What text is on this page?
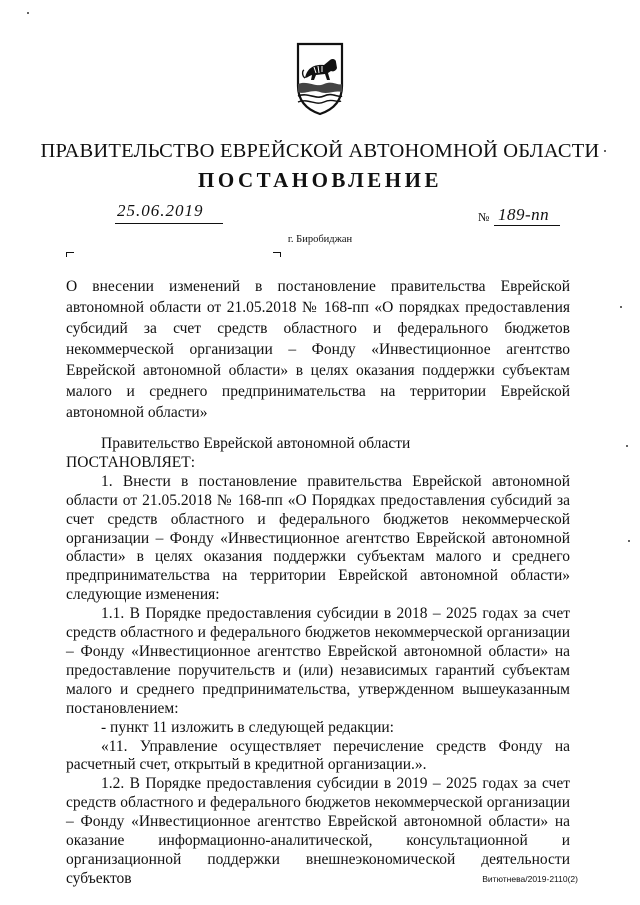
ПРАВИТЕЛЬСТВО ЕВРЕЙСКОЙ АВТОНОМНОЙ ОБЛАСТИ
ПОСТАНОВЛЕНИЕ
25.06.2019	№ 189-пп
г. Биробиджан

О внесении изменений в постановление правительства Еврейской автономной области от 21.05.2018 № 168-пп «О порядках предоставления субсидий за счет средств областного и федерального бюджетов некоммерческой организации – Фонду «Инвестиционное агентство Еврейской автономной области» в целях оказания поддержки субъектам малого и среднего предпринимательства на территории Еврейской автономной области»

Правительство Еврейской автономной области

ПОСТАНОВЛЯЕТ:

1. Внести в постановление правительства Еврейской автономной области от 21.05.2018 № 168-пп «О Порядках предоставления субсидий за счет средств областного и федерального бюджетов некоммерческой организации – Фонду «Инвестиционное агентство Еврейской автономной области» в целях оказания поддержки субъектам малого и среднего предпринимательства на территории Еврейской автономной области» следующие изменения:

1.1. В Порядке предоставления субсидии в 2018 – 2025 годах за счет средств областного и федерального бюджетов некоммерческой организации – Фонду «Инвестиционное агентство Еврейской автономной области» на предоставление поручительств и (или) независимых гарантий субъектам малого и среднего предпринимательства, утвержденном вышеуказанным постановлением:

- пункт 11 изложить в следующей редакции:

«11. Управление осуществляет перечисление средств Фонду на расчетный счет, открытый в кредитной организации.».

1.2. В Порядке предоставления субсидии в 2019 – 2025 годах за счет средств областного и федерального бюджетов некоммерческой организации – Фонду «Инвестиционное агентство Еврейской автономной области» на оказание информационно-аналитической, консультационной и организационной поддержки внешнеэкономической деятельности субъектов	Витютнева/2019-2110(2)
